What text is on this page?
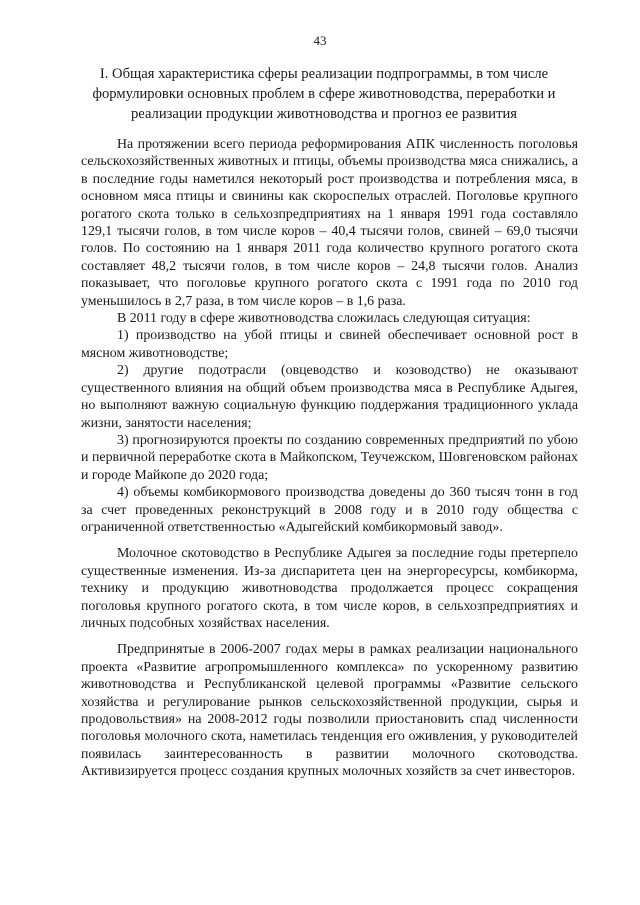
43
I. Общая характеристика сферы реализации подпрограммы, в том числе формулировки основных проблем в сфере животноводства, переработки и реализации продукции животноводства и прогноз ее развития

На протяжении всего периода реформирования АПК численность поголовья сельскохозяйственных животных и птицы, объемы производства мяса снижались, а в последние годы наметился некоторый рост производства и потребления мяса, в основном мяса птицы и свинины как скороспелых отраслей. Поголовье крупного рогатого скота только в сельхозпредприятиях на 1 января 1991 года составляло 129,1 тысячи голов, в том числе коров – 40,4 тысячи голов, свиней – 69,0 тысячи голов. По состоянию на 1 января 2011 года количество крупного рогатого скота составляет 48,2 тысячи голов, в том числе коров – 24,8 тысячи голов. Анализ показывает, что поголовье крупного рогатого скота с 1991 года по 2010 год уменьшилось в 2,7 раза, в том числе коров – в 1,6 раза.

В 2011 году в сфере животноводства сложилась следующая ситуация:

1) производство на убой птицы и свиней обеспечивает основной рост в мясном животноводстве;

2) другие подотрасли (овцеводство и козоводство) не оказывают существенного влияния на общий объем производства мяса в Республике Адыгея, но выполняют важную социальную функцию поддержания традиционного уклада жизни, занятости населения;

3) прогнозируются проекты по созданию современных предприятий по убою и первичной переработке скота в Майкопском, Теучежском, Шовгеновском районах и городе Майкопе до 2020 года;

4) объемы комбикормового производства доведены до 360 тысяч тонн в год за счет проведенных реконструкций в 2008 году и в 2010 году общества с ограниченной ответственностью «Адыгейский комбикормовый завод».

Молочное скотоводство в Республике Адыгея за последние годы претерпело существенные изменения. Из-за диспаритета цен на энергоресурсы, комбикорма, технику и продукцию животноводства продолжается процесс сокращения поголовья крупного рогатого скота, в том числе коров, в сельхозпредприятиях и личных подсобных хозяйствах населения.

Предпринятые в 2006-2007 годах меры в рамках реализации национального проекта «Развитие агропромышленного комплекса» по ускоренному развитию животноводства и Республиканской целевой программы «Развитие сельского хозяйства и регулирование рынков сельскохозяйственной продукции, сырья и продовольствия» на 2008-2012 годы позволили приостановить спад численности поголовья молочного скота, наметилась тенденция его оживления, у руководителей появилась заинтересованность в развитии молочного скотоводства. Активизируется процесс создания крупных молочных хозяйств за счет инвесторов.
